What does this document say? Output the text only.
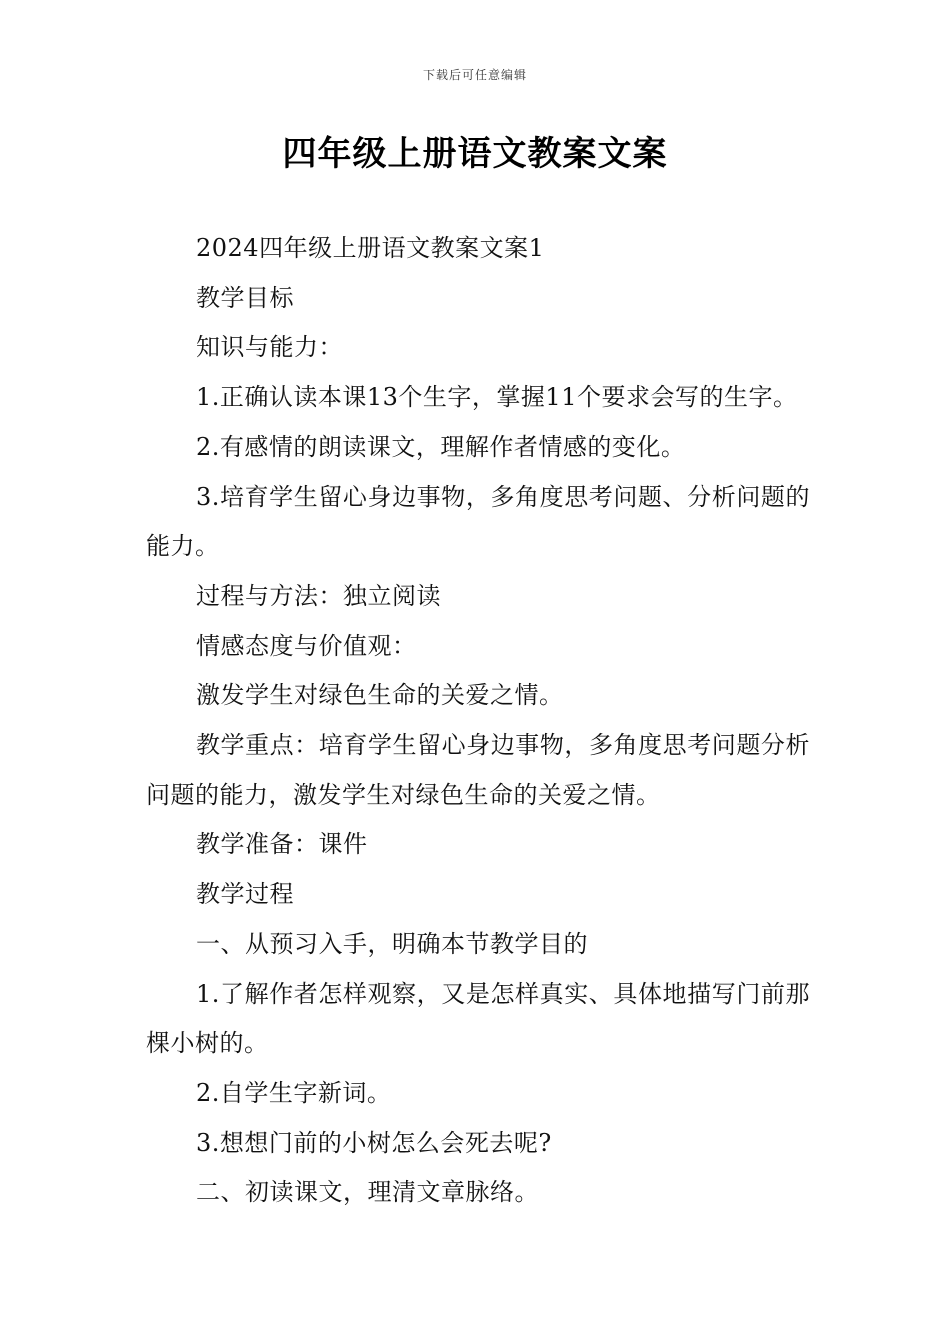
下载后可任意编辑
四年级上册语文教案文案

2024四年级上册语文教案文案1

教学目标

知识与能力：

1.正确认读本课13个生字，掌握11个要求会写的生字。

2.有感情的朗读课文，理解作者情感的变化。

3.培育学生留心身边事物，多角度思考问题、分析问题的能力。

过程与方法：独立阅读

情感态度与价值观：

激发学生对绿色生命的关爱之情。

教学重点：培育学生留心身边事物，多角度思考问题分析问题的能力，激发学生对绿色生命的关爱之情。

教学准备：课件

教学过程

一、从预习入手，明确本节教学目的

1.了解作者怎样观察，又是怎样真实、具体地描写门前那棵小树的。

2.自学生字新词。

3.想想门前的小树怎么会死去呢?

二、初读课文，理清文章脉络。
